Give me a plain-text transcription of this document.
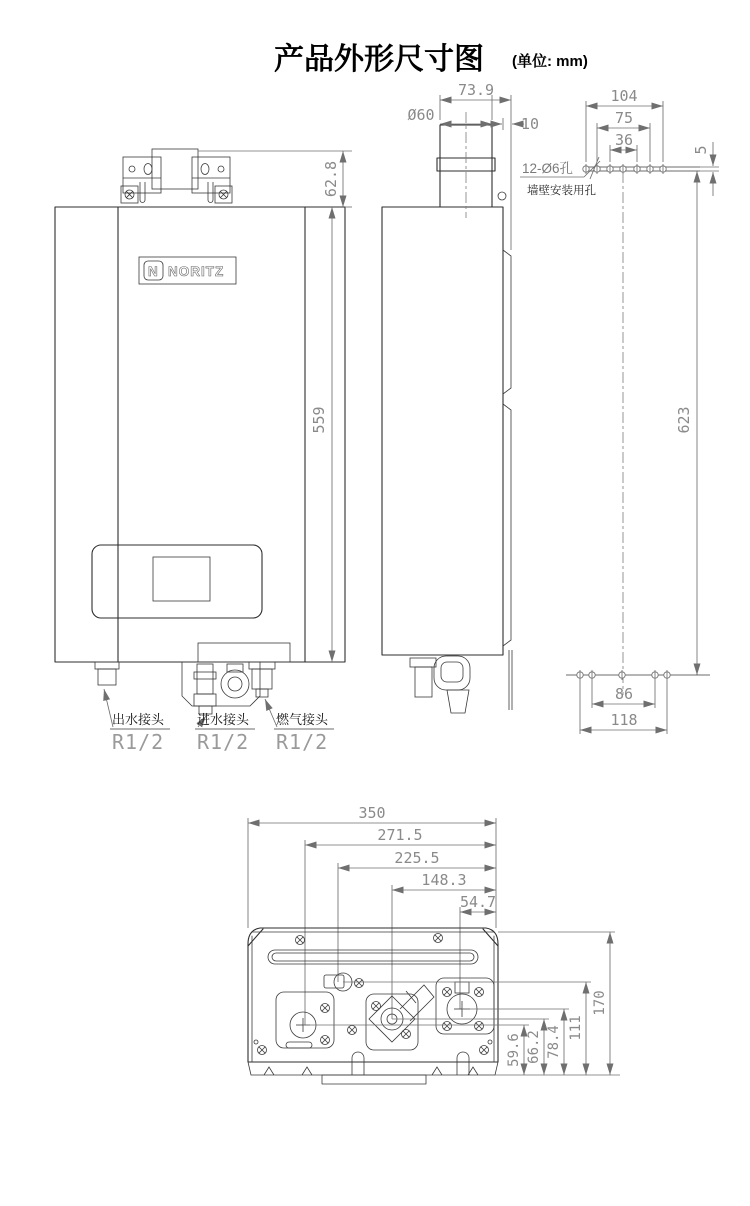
产品外形尺寸图 (单位: mm)
N NORITZ
62.8
559
出水接头
R1/2
进水接头
R1/2
燃气接头
R1/2
73.9
Ø60	10
104
75
36
5
12-Ø6孔
墙壁安装用孔
623
86
118
350
271.5
225.5
148.3
54.7
59.6 66.2 78.4 111
170
